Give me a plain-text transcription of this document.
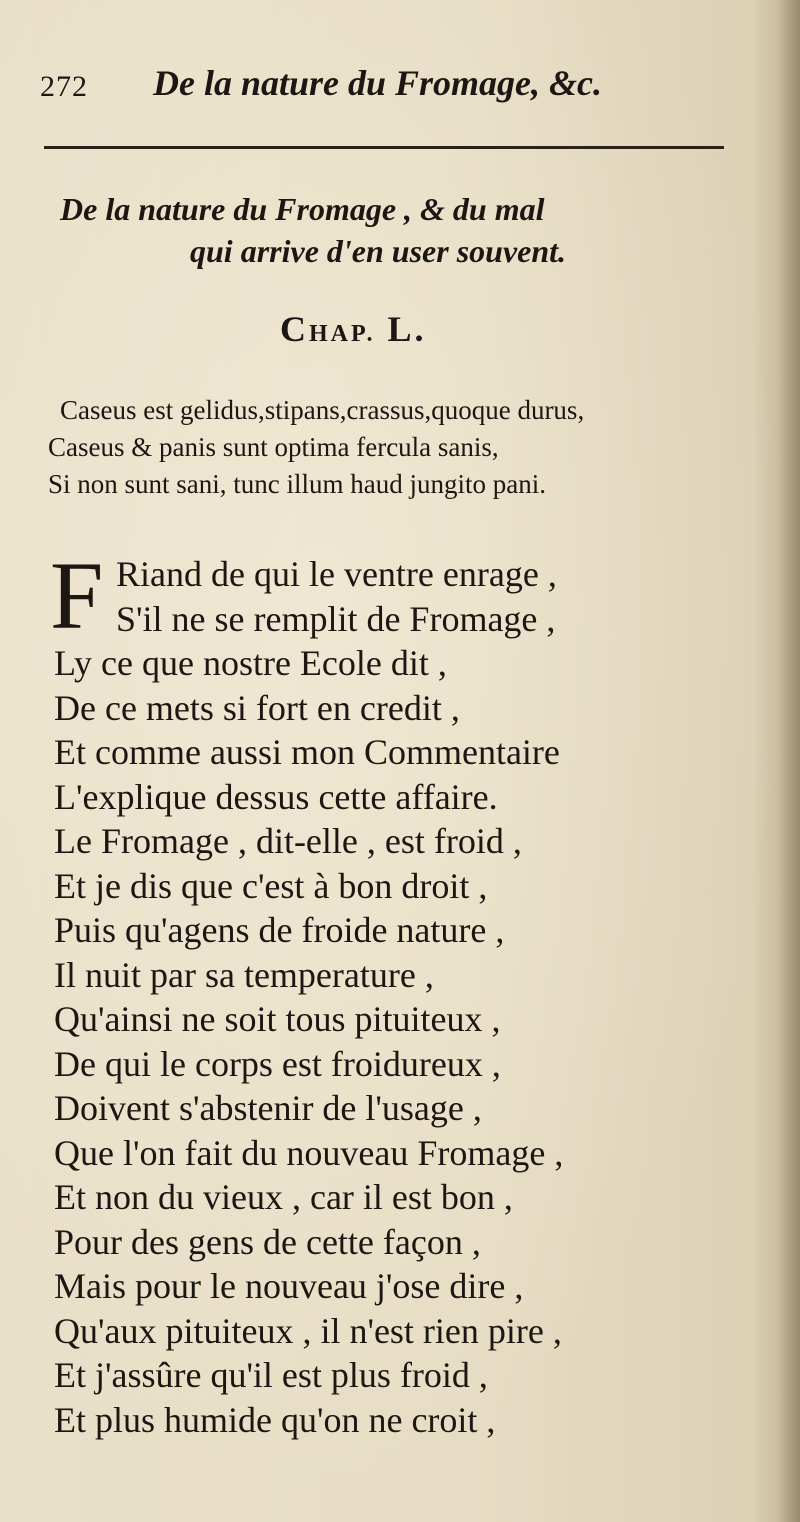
272 De la nature du Fromage, &c.
De la nature du Fromage , & du mal
qui arrive d'en user souvent.
CHAP. L.
Caseus est gelidus,stipans,crassus,quoque durus,
Caseus & panis sunt optima fercula sanis,
Si non sunt sani, tunc illum haud jungito pani.
F Riand de qui le ventre enrage ,
S'il ne se remplit de Fromage ,
Ly ce que nostre Ecole dit ,
De ce mets si fort en credit ,
Et comme aussi mon Commentaire
L'explique dessus cette affaire.
Le Fromage , dit-elle , est froid ,
Et je dis que c'est à bon droit ,
Puis qu'agens de froide nature ,
Il nuit par sa temperature ,
Qu'ainsi ne soit tous pituiteux ,
De qui le corps est froidureux ,
Doivent s'abstenir de l'usage ,
Que l'on fait du nouveau Fromage ,
Et non du vieux , car il est bon ,
Pour des gens de cette façon ,
Mais pour le nouveau j'ose dire ,
Qu'aux pituiteux , il n'est rien pire ,
Et j'assûre qu'il est plus froid ,
Et plus humide qu'on ne croit ,
